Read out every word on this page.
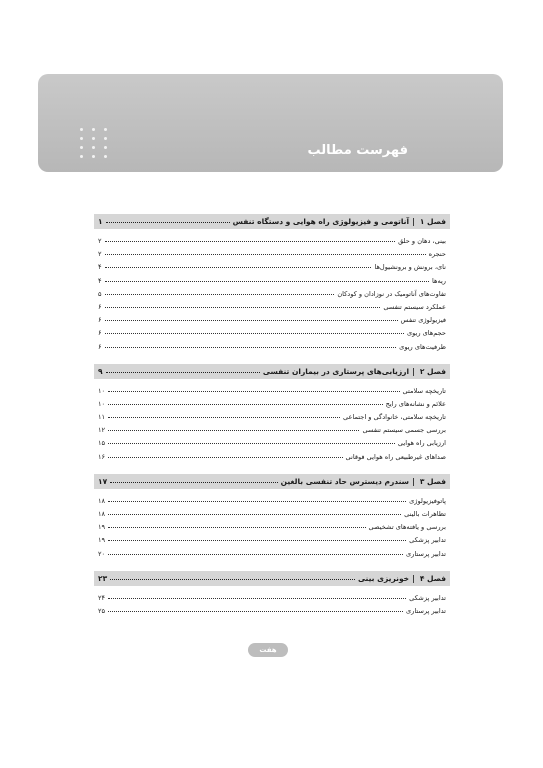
فهرست مطالب
فصل ۱
|
آناتومی و فیزیولوژی راه هوایی و دستگاه تنفس
۱
بینی، دهان و حلق
۲
حنجره
۲
نای، برونش و برونشیول‌ها
۴
ریه‌ها
۴
تفاوت‌های آناتومیک در نوزادان و کودکان
۵
عملکرد سیستم تنفسی
۶
فیزیولوژی تنفس
۶
حجم‌های ریوی
۶
ظرفیت‌های ریوی
۶
فصل ۲
|
ارزیابی‌های پرستاری در بیماران تنفسی
۹
تاریخچه سلامتی
۱۰
علائم و نشانه‌های رایج
۱۰
تاریخچه سلامتی، خانوادگی و اجتماعی
۱۱
بررسی جسمی سیستم تنفسی
۱۲
ارزیابی راه هوایی
۱۵
صداهای غیرطبیعی راه هوایی فوقانی
۱۶
فصل ۳
|
سندرم دیسترس حاد تنفسی بالغین
۱۷
پاتوفیزیولوژی
۱۸
تظاهرات بالینی
۱۸
بررسی و یافته‌های تشخیصی
۱۹
تدابیر پزشکی
۱۹
تدابیر پرستاری
۲۰
فصل ۴
|
خونریزی بینی
۲۳
تدابیر پزشکی
۲۴
تدابیر پرستاری
۲۵
هفت
